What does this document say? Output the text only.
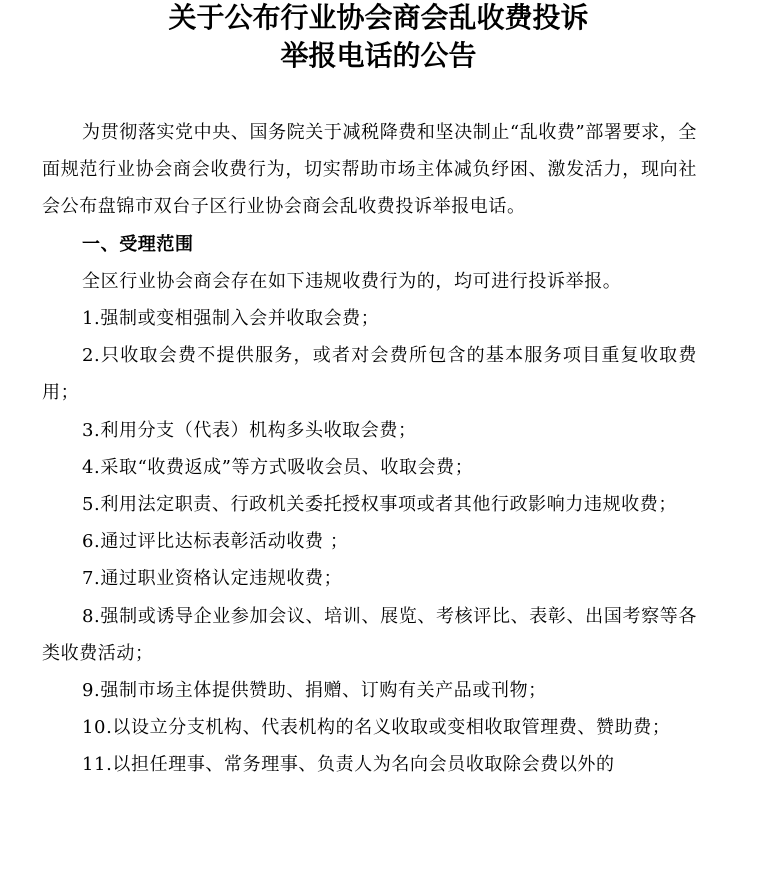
关于公布行业协会商会乱收费投诉
举报电话的公告

为贯彻落实党中央、国务院关于减税降费和坚决制止“乱收费”部署要求，全面规范行业协会商会收费行为，切实帮助市场主体减负纾困、激发活力，现向社会公布盘锦市双台子区行业协会商会乱收费投诉举报电话。

一、受理范围

全区行业协会商会存在如下违规收费行为的，均可进行投诉举报。

1.强制或变相强制入会并收取会费；

2.只收取会费不提供服务，或者对会费所包含的基本服务项目重复收取费用；

3.利用分支（代表）机构多头收取会费；

4.采取“收费返成”等方式吸收会员、收取会费；

5.利用法定职责、行政机关委托授权事项或者其他行政影响力违规收费；

6.通过评比达标表彰活动收费 ；

7.通过职业资格认定违规收费；

8.强制或诱导企业参加会议、培训、展览、考核评比、表彰、出国考察等各类收费活动；

9.强制市场主体提供赞助、捐赠、订购有关产品或刊物；

10.以设立分支机构、代表机构的名义收取或变相收取管理费、赞助费；

11.以担任理事、常务理事、负责人为名向会员收取除会费以外的
